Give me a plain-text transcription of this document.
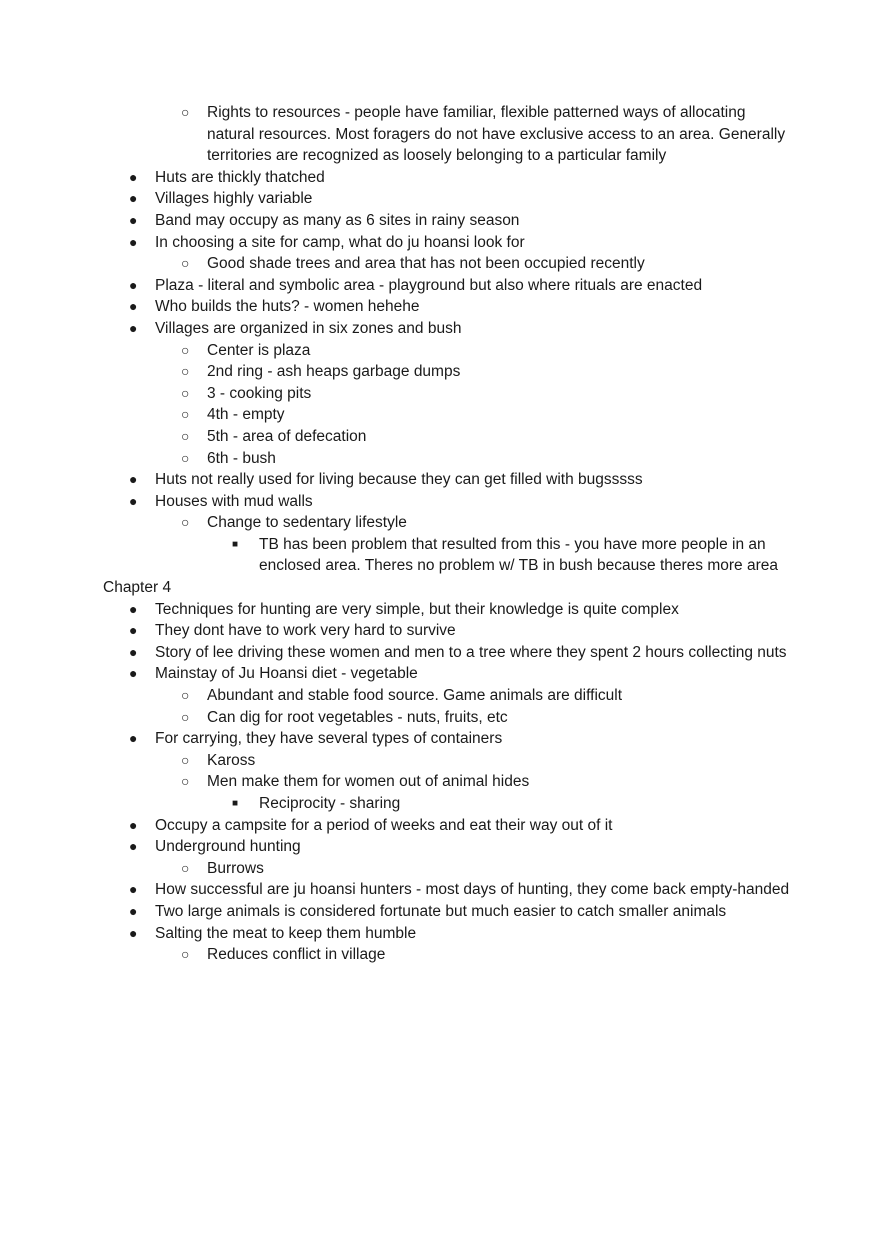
○	Rights to resources - people have familiar, flexible patterned ways of allocating natural resources. Most foragers do not have exclusive access to an area. Generally territories are recognized as loosely belonging to a particular family
●	Huts are thickly thatched
●	Villages highly variable
●	Band may occupy as many as 6 sites in rainy season
●	In choosing a site for camp, what do ju hoansi look for
○	Good shade trees and area that has not been occupied recently
●	Plaza - literal and symbolic area - playground but also where rituals are enacted
●	Who builds the huts? - women hehehe
●	Villages are organized in six zones and bush
○	Center is plaza
○	2nd ring - ash heaps garbage dumps
○	3 - cooking pits
○	4th - empty
○	5th - area of defecation
○	6th - bush
●	Huts not really used for living because they can get filled with bugsssss
●	Houses with mud walls
○	Change to sedentary lifestyle
■	TB has been problem that resulted from this - you have more people in an enclosed area. Theres no problem w/ TB in bush because theres more area
Chapter 4
●	Techniques for hunting are very simple, but their knowledge is quite complex
●	They dont have to work very hard to survive
●	Story of lee driving these women and men to a tree where they spent 2 hours collecting nuts
●	Mainstay of Ju Hoansi diet - vegetable
○	Abundant and stable food source. Game animals are difficult
○	Can dig for root vegetables - nuts, fruits, etc
●	For carrying, they have several types of containers
○	Kaross
○	Men make them for women out of animal hides
■	Reciprocity - sharing
●	Occupy a campsite for a period of weeks and eat their way out of it
●	Underground hunting
○	Burrows
●	How successful are ju hoansi hunters - most days of hunting, they come back empty-handed
●	Two large animals is considered fortunate but much easier to catch smaller animals
●	Salting the meat to keep them humble
○	Reduces conflict in village
